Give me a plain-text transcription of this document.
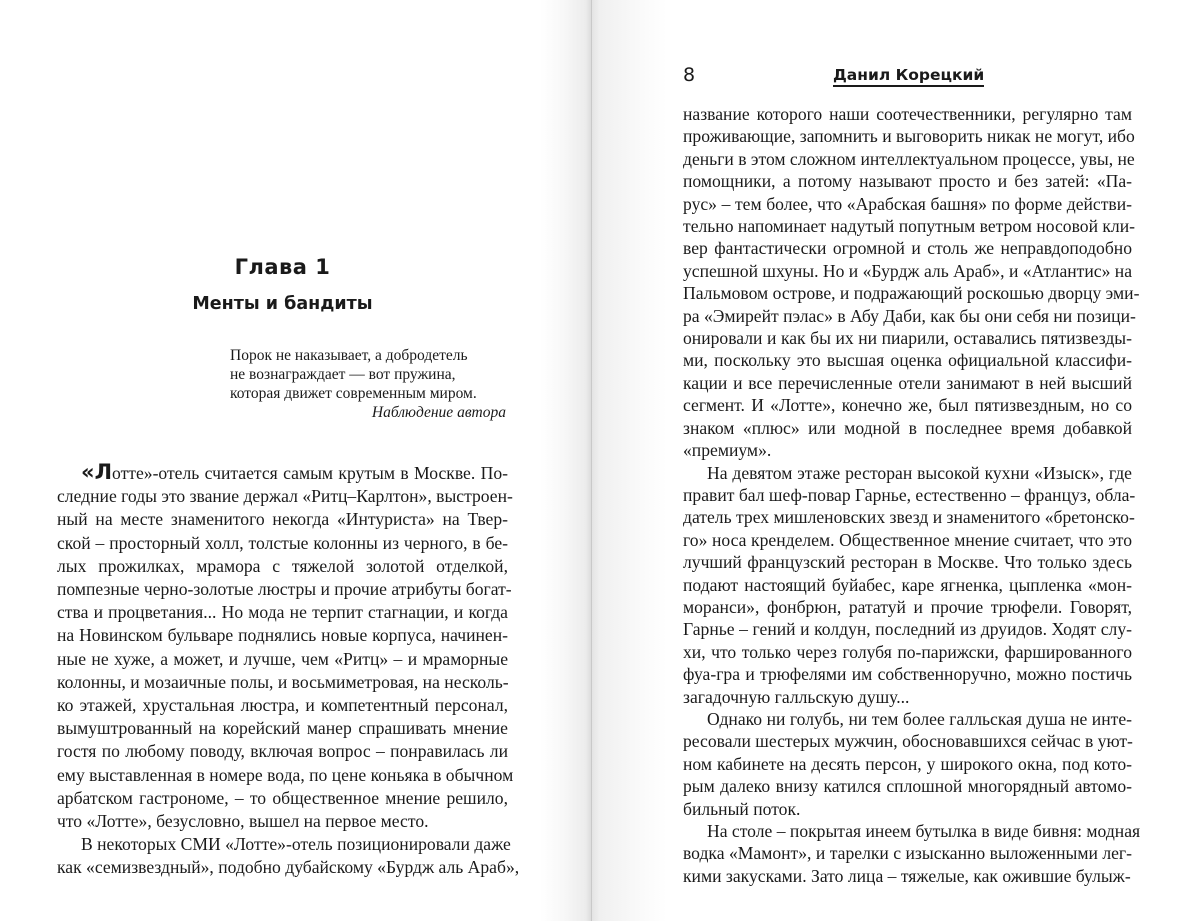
Глава 1
Менты и бандиты
Порок не наказывает, а добродетель
не вознаграждает — вот пружина,
которая движет современным миром.
Наблюдение автора
«Лотте»-отель считается самым крутым в Москве. По-
следние годы это звание держал «Ритц–Карлтон», выстроен-
ный на месте знаменитого некогда «Интуриста» на Твер-
ской – просторный холл, толстые колонны из черного, в бе-
лых прожилках, мрамора с тяжелой золотой отделкой,
помпезные черно-золотые люстры и прочие атрибуты богат-
ства и процветания... Но мода не терпит стагнации, и когда
на Новинском бульваре поднялись новые корпуса, начинен-
ные не хуже, а может, и лучше, чем «Ритц» – и мраморные
колонны, и мозаичные полы, и восьмиметровая, на несколь-
ко этажей, хрустальная люстра, и компетентный персонал,
вымуштрованный на корейский манер спрашивать мнение
гостя по любому поводу, включая вопрос – понравилась ли
ему выставленная в номере вода, по цене коньяка в обычном
арбатском гастрономе, – то общественное мнение решило,
что «Лотте», безусловно, вышел на первое место.
В некоторых СМИ «Лотте»-отель позиционировали даже
как «семизвездный», подобно дубайскому «Бурдж аль Араб»,

8	Данил Корецкий

название которого наши соотечественники, регулярно там
проживающие, запомнить и выговорить никак не могут, ибо
деньги в этом сложном интеллектуальном процессе, увы, не
помощники, а потому называют просто и без затей: «Па-
рус» – тем более, что «Арабская башня» по форме действи-
тельно напоминает надутый попутным ветром носовой кли-
вер фантастически огромной и столь же неправдоподобно
успешной шхуны. Но и «Бурдж аль Араб», и «Атлантис» на
Пальмовом острове, и подражающий роскошью дворцу эми-
ра «Эмирейт пэлас» в Абу Даби, как бы они себя ни позици-
онировали и как бы их ни пиарили, оставались пятизвезды-
ми, поскольку это высшая оценка официальной классифи-
кации и все перечисленные отели занимают в ней высший
сегмент. И «Лотте», конечно же, был пятизвездным, но со
знаком «плюс» или модной в последнее время добавкой
«премиум».
На девятом этаже ресторан высокой кухни «Изыск», где
правит бал шеф-повар Гарнье, естественно – француз, обла-
датель трех мишленовских звезд и знаменитого «бретонско-
го» носа кренделем. Общественное мнение считает, что это
лучший французский ресторан в Москве. Что только здесь
подают настоящий буйабес, каре ягненка, цыпленка «мон-
моранси», фонбрюн, рататуй и прочие трюфели. Говорят,
Гарнье – гений и колдун, последний из друидов. Ходят слу-
хи, что только через голубя по-парижски, фаршированного
фуа-гра и трюфелями им собственноручно, можно постичь
загадочную галльскую душу...
Однако ни голубь, ни тем более галльская душа не инте-
ресовали шестерых мужчин, обосновавшихся сейчас в уют-
ном кабинете на десять персон, у широкого окна, под кото-
рым далеко внизу катился сплошной многорядный автомо-
бильный поток.
На столе – покрытая инеем бутылка в виде бивня: модная
водка «Мамонт», и тарелки с изысканно выложенными лег-
кими закусками. Зато лица – тяжелые, как ожившие булыж-
